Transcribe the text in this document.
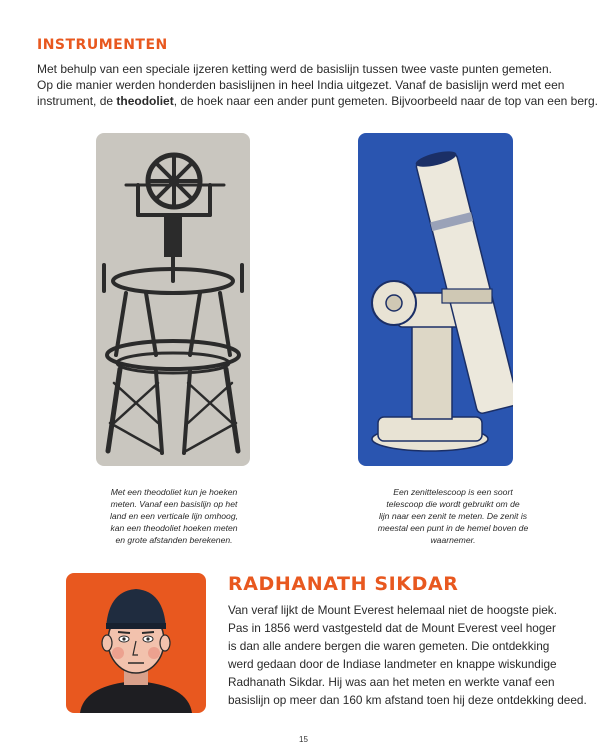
INSTRUMENTEN

Met behulp van een speciale ijzeren ketting werd de basislijn tussen twee vaste punten gemeten.
Op die manier werden honderden basislijnen in heel India uitgezet. Vanaf de basislijn werd met een
instrument, de theodoliet, de hoek naar een ander punt gemeten. Bijvoorbeeld naar de top van een berg.

Met een theodoliet kun je hoeken
meten. Vanaf een basislijn op het
land en een verticale lijn omhoog,
kan een theodoliet hoeken meten
en grote afstanden berekenen.

Een zenittelescoop is een soort
telescoop die wordt gebruikt om de
lijn naar een zenit te meten. De zenit is
meestal een punt in de hemel boven de
waarnemer.

RADHANATH SIKDAR

Van veraf lijkt de Mount Everest helemaal niet de hoogste piek.
Pas in 1856 werd vastgesteld dat de Mount Everest veel hoger
is dan alle andere bergen die waren gemeten. Die ontdekking
werd gedaan door de Indiase landmeter en knappe wiskundige
Radhanath Sikdar. Hij was aan het meten en werkte vanaf een
basislijn op meer dan 160 km afstand toen hij deze ontdekking deed.

15
